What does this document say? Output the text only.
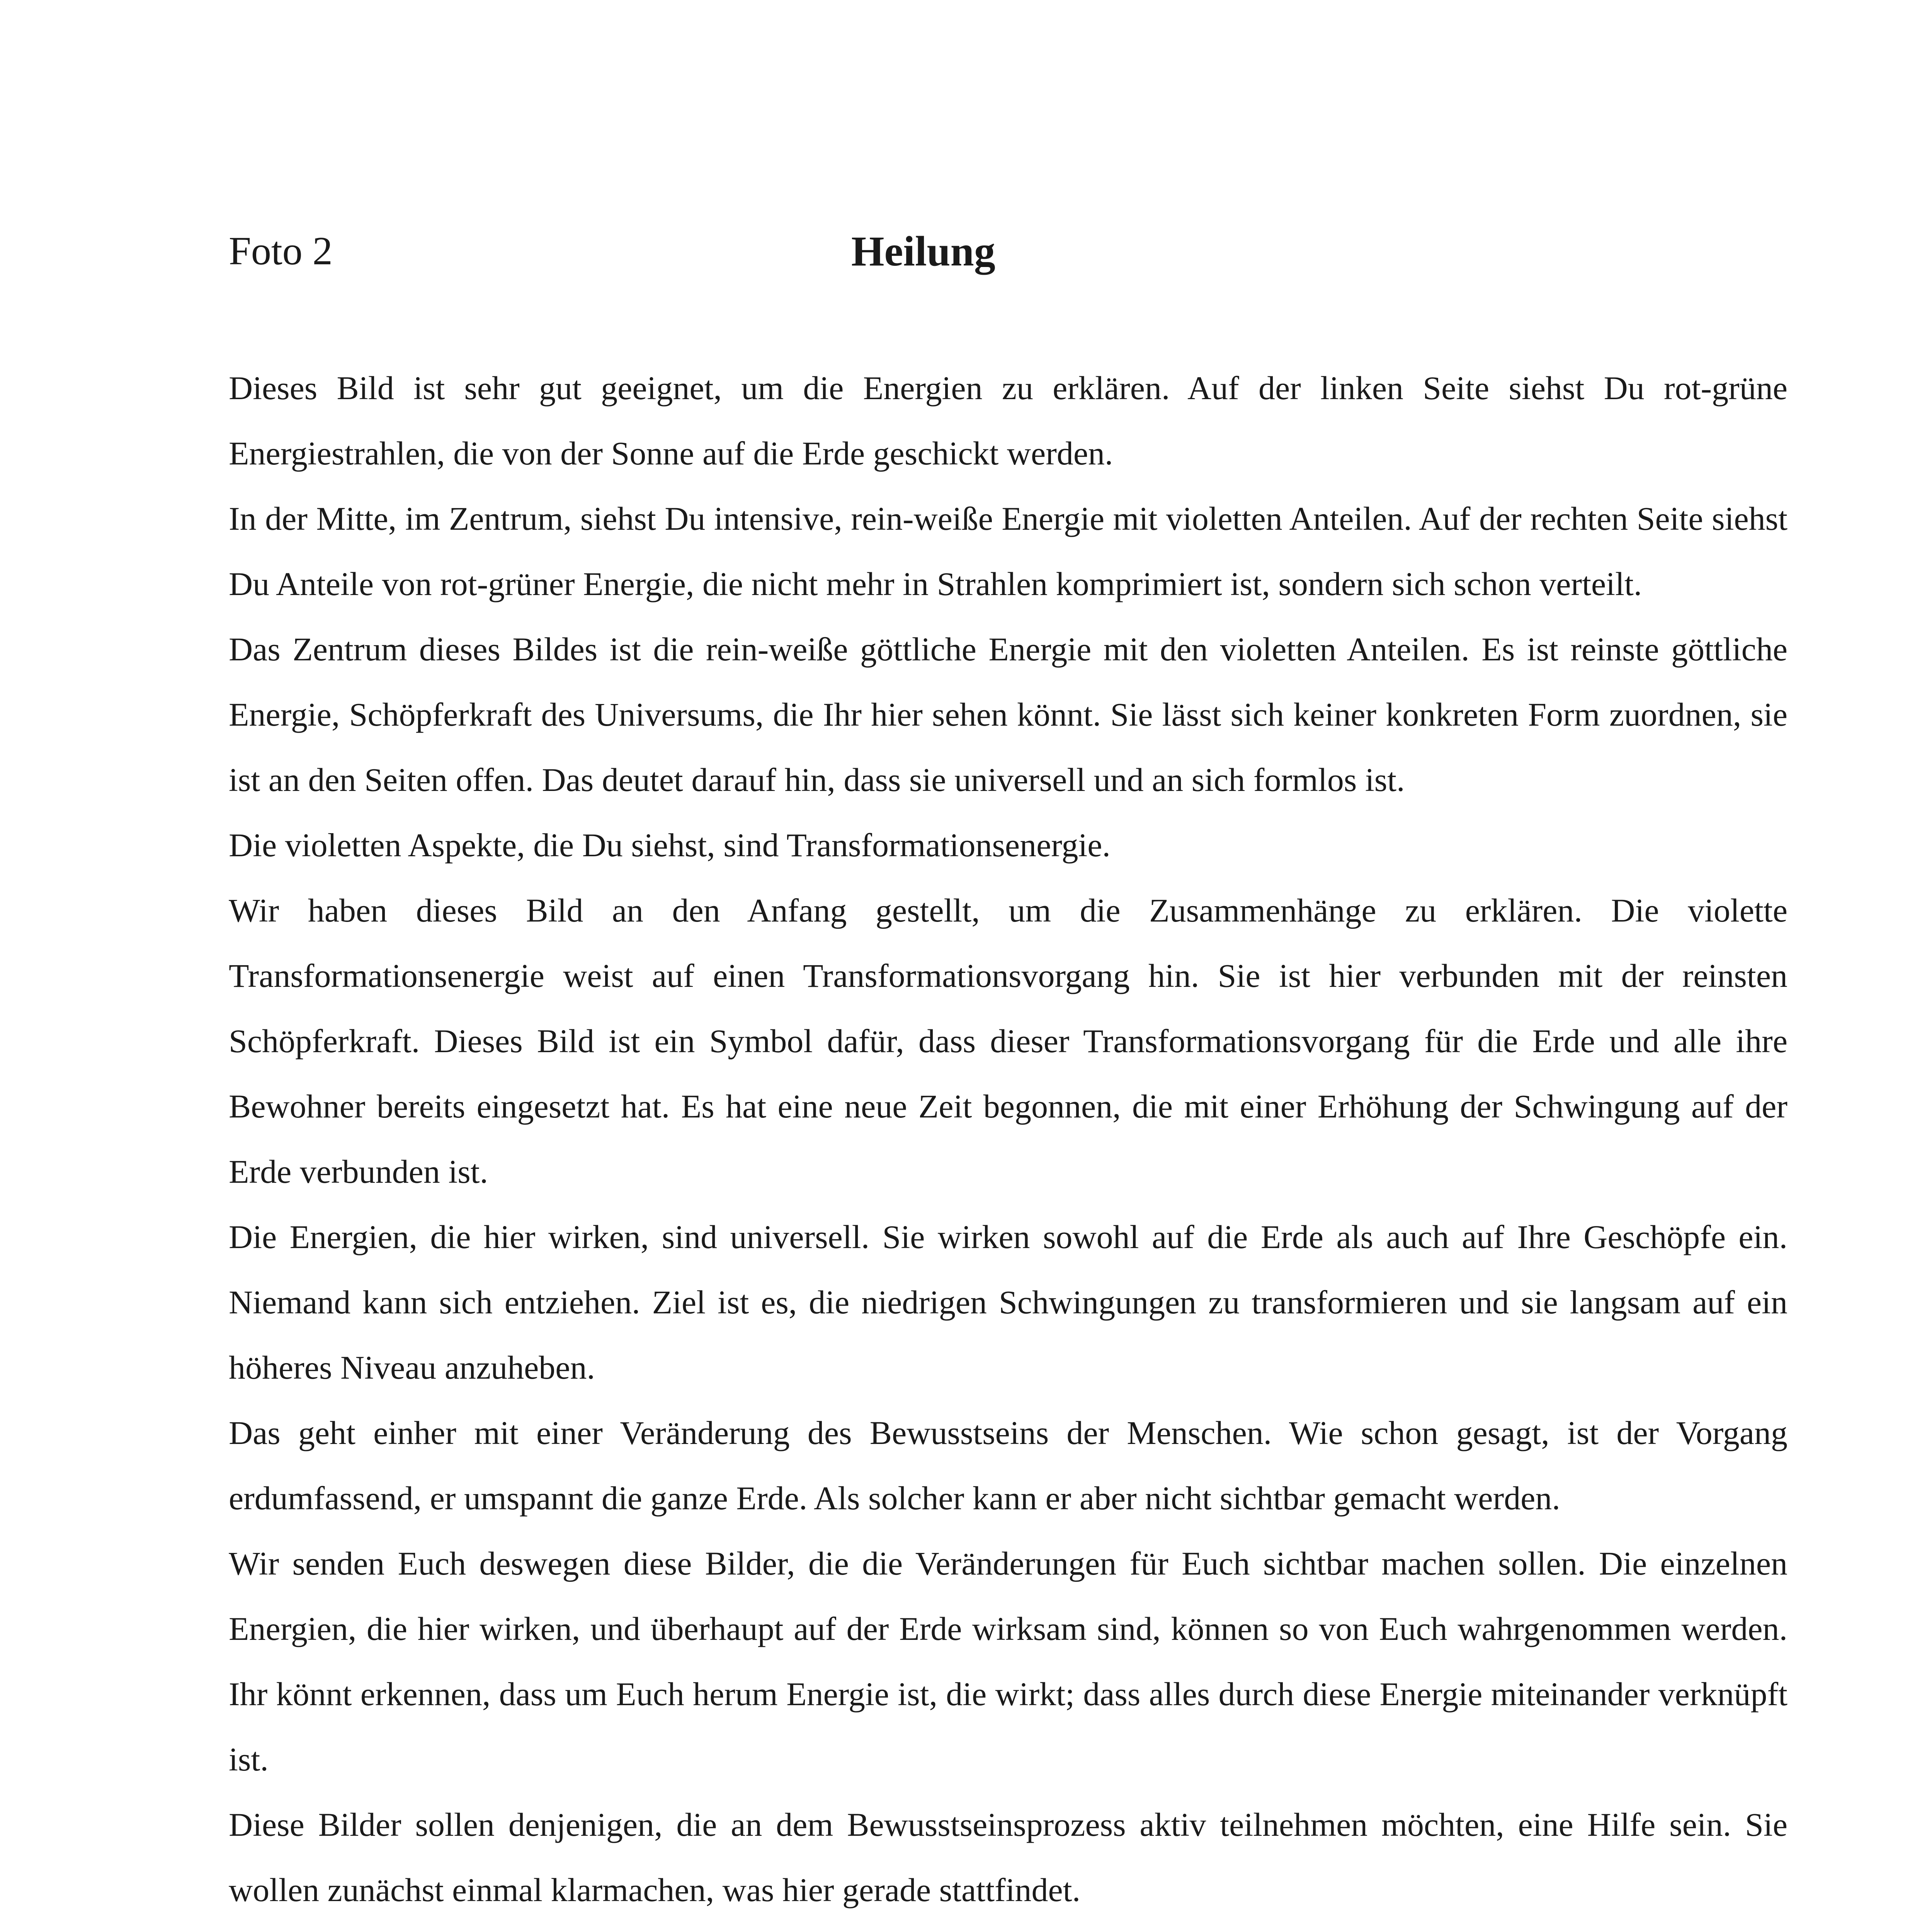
Foto 2	Heilung

Dieses Bild ist sehr gut geeignet, um die Energien zu erklären. Auf der linken Seite siehst Du rot-grüne Energiestrahlen, die von der Sonne auf die Erde geschickt werden.

In der Mitte, im Zentrum, siehst Du intensive, rein-weiße Energie mit violetten Anteilen. Auf der rechten Seite siehst Du Anteile von rot-grüner Energie, die nicht mehr in Strahlen komprimiert ist, sondern sich schon verteilt.

Das Zentrum dieses Bildes ist die rein-weiße göttliche Energie mit den violetten Anteilen. Es ist reinste göttliche Energie, Schöpferkraft des Universums, die Ihr hier sehen könnt. Sie lässt sich keiner konkreten Form zuordnen, sie ist an den Seiten offen. Das deutet darauf hin, dass sie universell und an sich formlos ist.

Die violetten Aspekte, die Du siehst, sind Transformationsenergie.

Wir haben dieses Bild an den Anfang gestellt, um die Zusammenhänge zu erklären. Die violette Transformationsenergie weist auf einen Transformationsvorgang hin. Sie ist hier verbunden mit der reinsten Schöpferkraft. Dieses Bild ist ein Symbol dafür, dass dieser Transformationsvorgang für die Erde und alle ihre Bewohner bereits eingesetzt hat. Es hat eine neue Zeit begonnen, die mit einer Erhöhung der Schwingung auf der Erde verbunden ist.

Die Energien, die hier wirken, sind universell. Sie wirken sowohl auf die Erde als auch auf Ihre Geschöpfe ein. Niemand kann sich entziehen. Ziel ist es, die niedrigen Schwingungen zu transformieren und sie langsam auf ein höheres Niveau anzuheben.

Das geht einher mit einer Veränderung des Bewusstseins der Menschen. Wie schon gesagt, ist der Vorgang erdumfassend, er umspannt die ganze Erde. Als solcher kann er aber nicht sichtbar gemacht werden.

Wir senden Euch deswegen diese Bilder, die die Veränderungen für Euch sichtbar machen sollen. Die einzelnen Energien, die hier wirken, und überhaupt auf der Erde wirksam sind, können so von Euch wahrgenommen werden. Ihr könnt erkennen, dass um Euch herum Energie ist, die wirkt; dass alles durch diese Energie miteinander verknüpft ist.

Diese Bilder sollen denjenigen, die an dem Bewusstseinsprozess aktiv teilnehmen möchten, eine Hilfe sein. Sie wollen zunächst einmal klarmachen, was hier gerade stattfindet.
